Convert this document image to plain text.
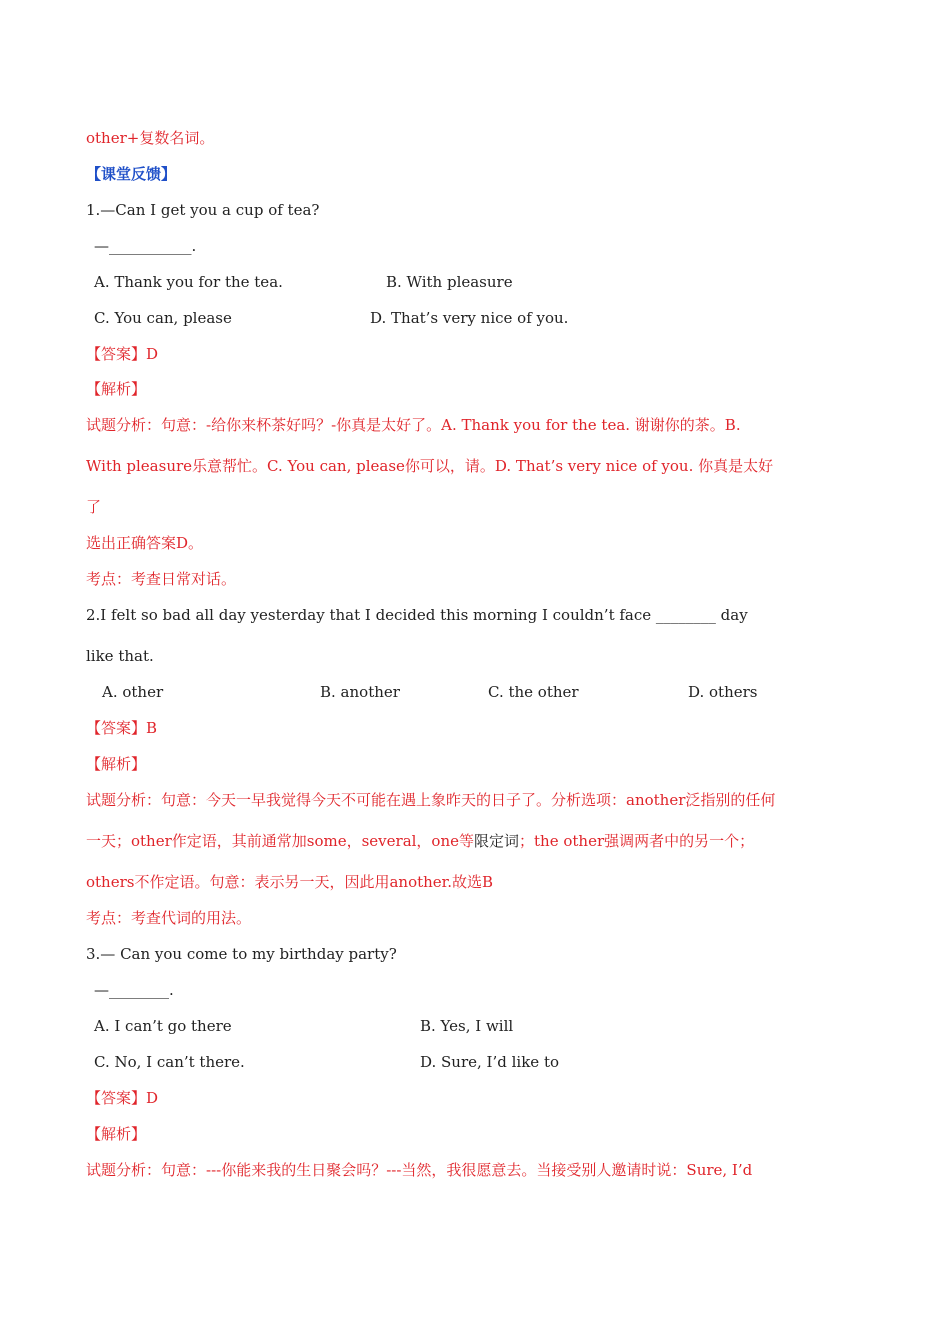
other+复数名词。
【课堂反馈】
1.—Can I get you a cup of tea?
—___________.
A. Thank you for the tea.	B. With pleasure
C. You can, please	D. That’s very nice of you.
【答案】D
【解析】
试题分析：句意：-给你来杯茶好吗？-你真是太好了。A. Thank you for the tea. 谢谢你的茶。B.
With pleasure乐意帮忙。C. You can, please你可以，请。D. That’s very nice of you. 你真是太好
了
选出正确答案D。
考点：考查日常对话。
2.I felt so bad all day yesterday that I decided this morning I couldn’t face ________ day
like that.
A. other	B. another	C. the other	D. others
【答案】B
【解析】
试题分析：句意：今天一早我觉得今天不可能在遇上象昨天的日子了。分析选项：another泛指别的任何
一天；other作定语，其前通常加some，several，one等限定词；the other强调两者中的另一个；
others不作定语。句意：表示另一天，因此用another.故选B
考点：考查代词的用法。
3.— Can you come to my birthday party?
—________.
A. I can’t go there	B. Yes, I will
C. No, I can’t there.	D. Sure, I’d like to
【答案】D
【解析】
试题分析：句意：---你能来我的生日聚会吗？---当然，我很愿意去。当接受别人邀请时说：Sure, I’d
